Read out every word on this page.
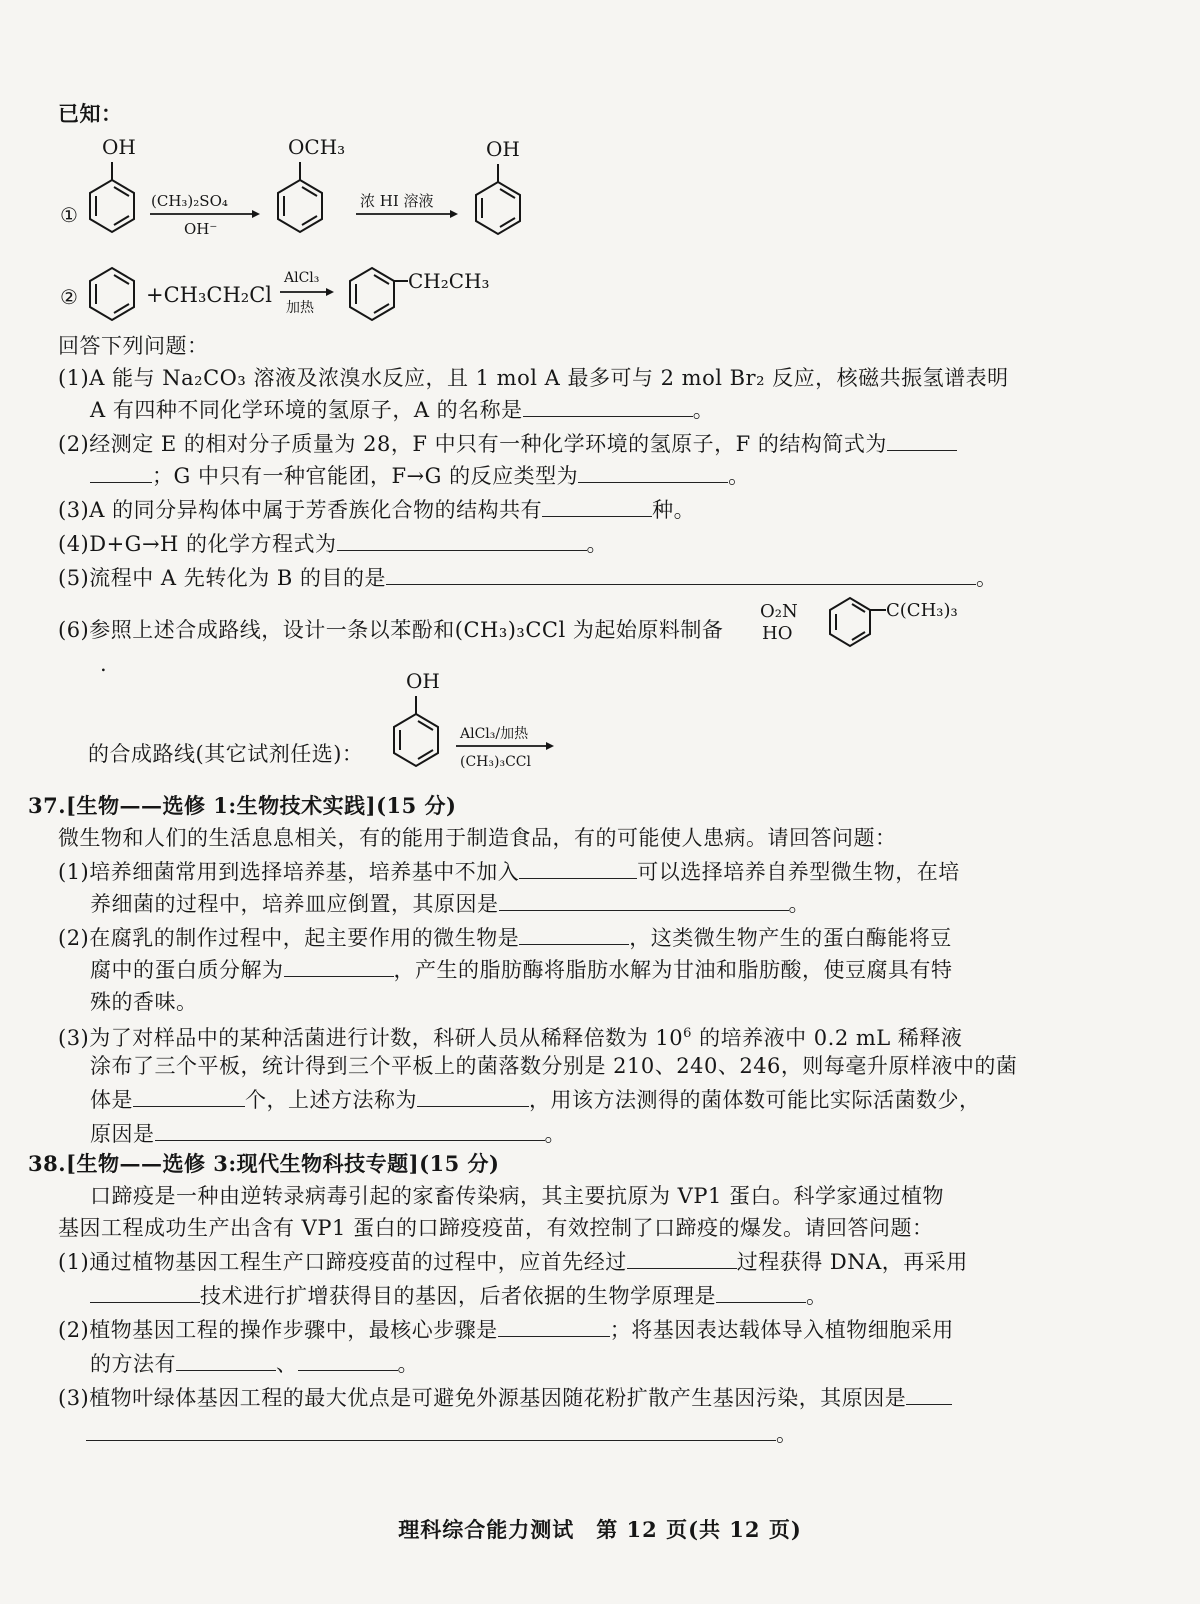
已知：
①
OH
(CH₃)₂SO₄
OH⁻
OCH₃
浓 HI 溶液
OH
②	+CH₃CH₂Cl
AlCl₃
加热
CH₂CH₃
回答下列问题：
(1)A 能与 Na₂CO₃ 溶液及浓溴水反应，且 1 mol A 最多可与 2 mol Br₂ 反应，核磁共振氢谱表明
A 有四种不同化学环境的氢原子，A 的名称是	。
(2)经测定 E 的相对分子质量为 28，F 中只有一种化学环境的氢原子，F 的结构简式为
；G 中只有一种官能团，F→G 的反应类型为	。
(3)A 的同分异构体中属于芳香族化合物的结构共有	种。
(4)D+G→H 的化学方程式为	。
(5)流程中 A 先转化为 B 的目的是	。
(6)参照上述合成路线，设计一条以苯酚和(CH₃)₃CCl 为起始原料制备
O₂N
HO
C(CH₃)₃
.
的合成路线(其它试剂任选)：
OH
AlCl₃/加热
(CH₃)₃CCl
37.[生物——选修 1:生物技术实践](15 分)
微生物和人们的生活息息相关，有的能用于制造食品，有的可能使人患病。请回答问题：
(1)培养细菌常用到选择培养基，培养基中不加入	可以选择培养自养型微生物，在培
养细菌的过程中，培养皿应倒置，其原因是	。
(2)在腐乳的制作过程中，起主要作用的微生物是	，这类微生物产生的蛋白酶能将豆
腐中的蛋白质分解为	，产生的脂肪酶将脂肪水解为甘油和脂肪酸，使豆腐具有特
殊的香味。
(3)为了对样品中的某种活菌进行计数，科研人员从稀释倍数为 $10^6$ 的培养液中 0.2 mL 稀释液
涂布了三个平板，统计得到三个平板上的菌落数分别是 210、240、246，则每毫升原样液中的菌
体是	个，上述方法称为	，用该方法测得的菌体数可能比实际活菌数少，
原因是	。
38.[生物——选修 3:现代生物科技专题](15 分)
口蹄疫是一种由逆转录病毒引起的家畜传染病，其主要抗原为 VP1 蛋白。科学家通过植物
基因工程成功生产出含有 VP1 蛋白的口蹄疫疫苗，有效控制了口蹄疫的爆发。请回答问题：
(1)通过植物基因工程生产口蹄疫疫苗的过程中，应首先经过	过程获得 DNA，再采用
技术进行扩增获得目的基因，后者依据的生物学原理是	。
(2)植物基因工程的操作步骤中，最核心步骤是	；将基因表达载体导入植物细胞采用
的方法有	、	。
(3)植物叶绿体基因工程的最大优点是可避免外源基因随花粉扩散产生基因污染，其原因是
。
理科综合能力测试　第 12 页(共 12 页)
